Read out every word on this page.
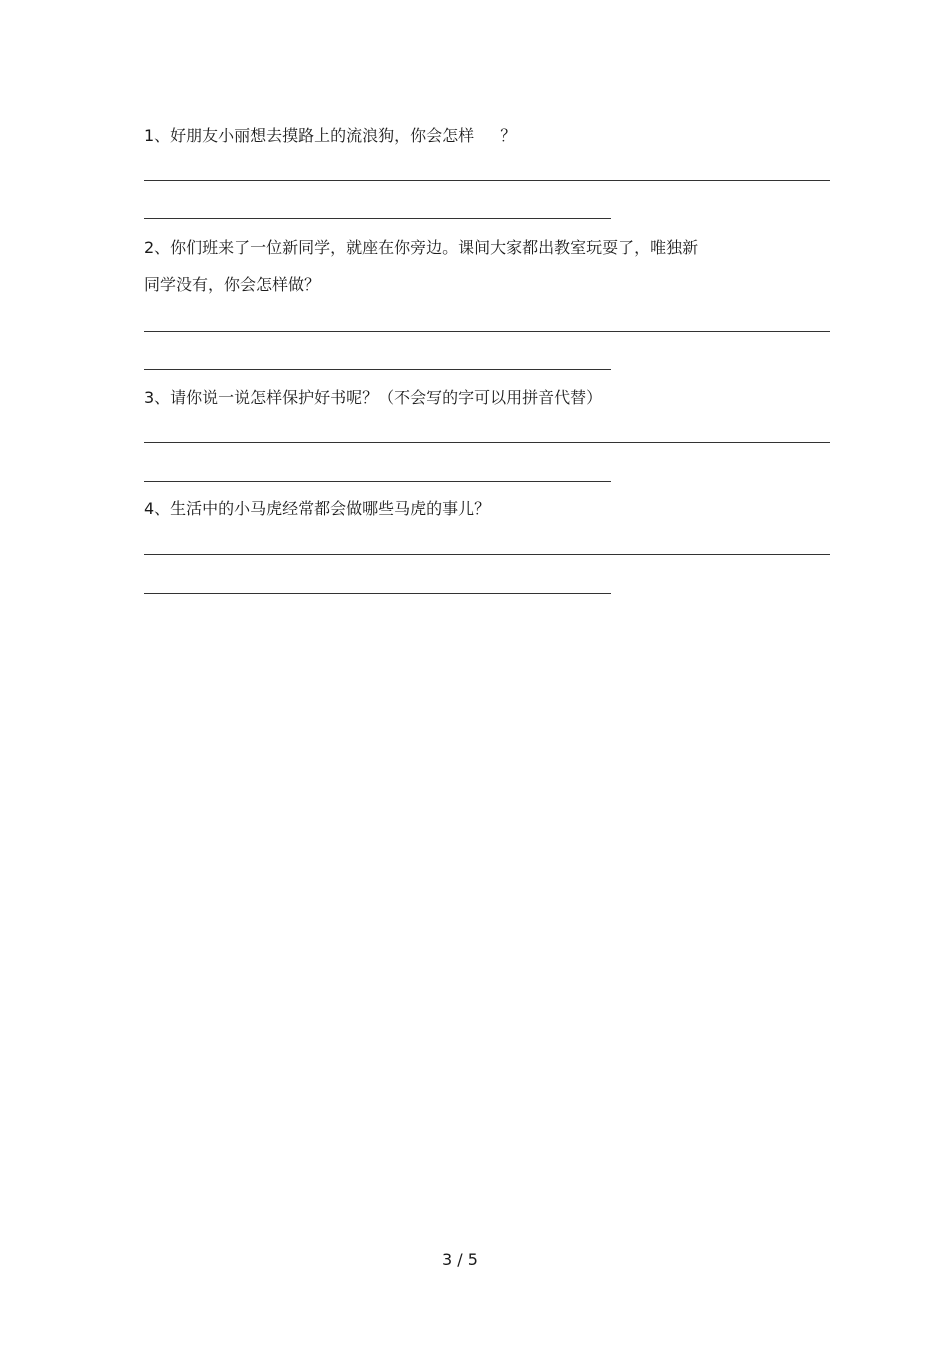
1、好朋友小丽想去摸路上的流浪狗，你会怎样 ？
2、你们班来了一位新同学，就座在你旁边。课间大家都出教室玩耍了，唯独新
同学没有，你会怎样做？
3、请你说一说怎样保护好书呢？（不会写的字可以用拼音代替）
4、生活中的小马虎经常都会做哪些马虎的事儿？
3 / 5
